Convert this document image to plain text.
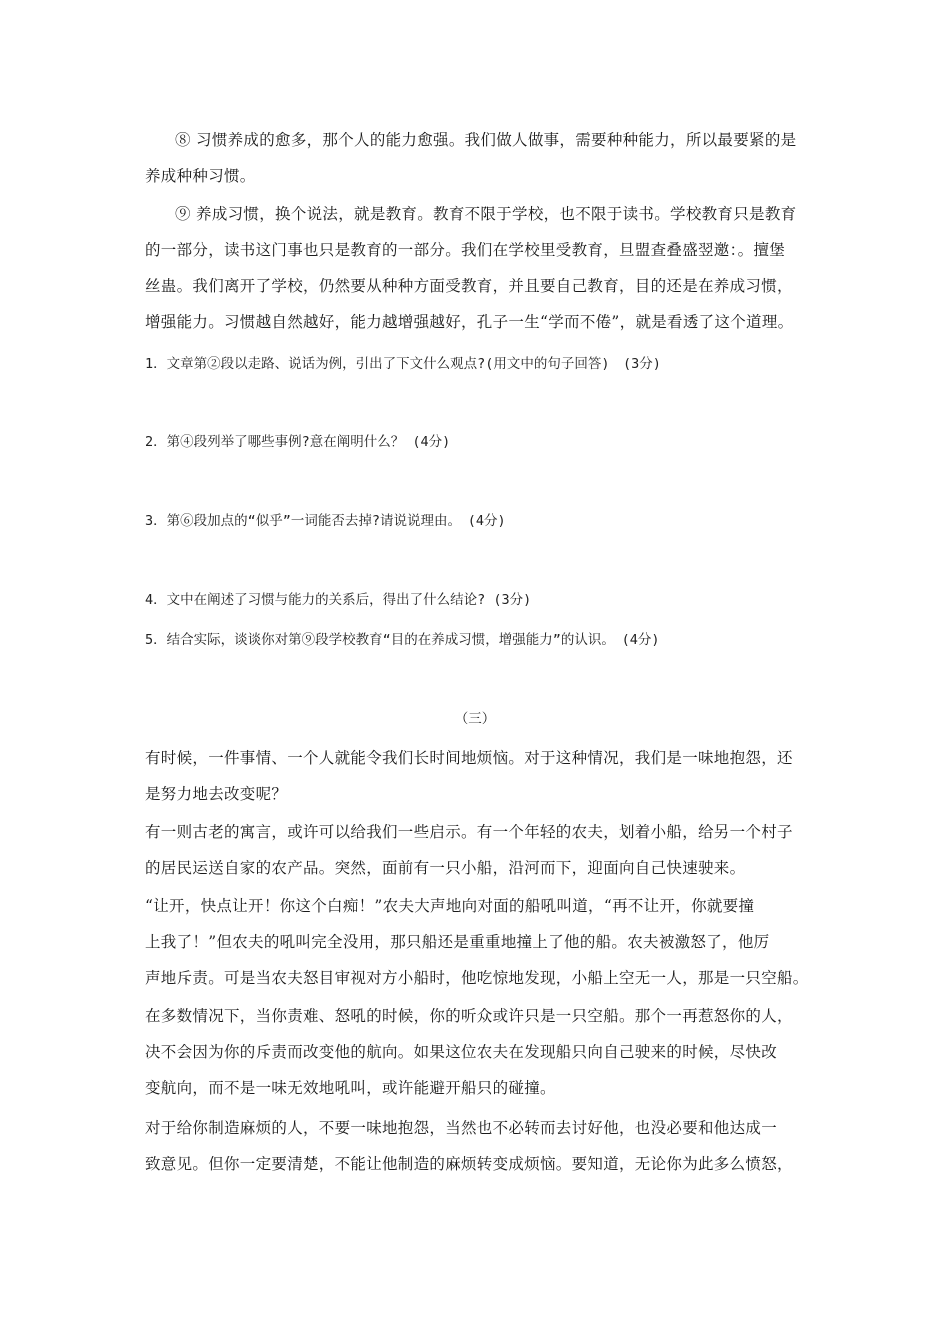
⑧ 习惯养成的愈多，那个人的能力愈强。我们做人做事，需要种种能力，所以最要紧的是
养成种种习惯。
⑨ 养成习惯，换个说法，就是教育。教育不限于学校，也不限于读书。学校教育只是教育
的一部分，读书这门事也只是教育的一部分。我们在学校里受教育，旦盟查叠盛翌邀：。擅堡
丝蛊。我们离开了学校，仍然要从种种方面受教育，并且要自己教育，目的还是在养成习惯，
增强能力。习惯越自然越好，能力越增强越好，孔子一生“学而不倦”，就是看透了这个道理。
1．文章第②段以走路、说话为例，引出了下文什么观点?(用文中的句子回答)　(3分)
2．第④段列举了哪些事例?意在阐明什么？ (4分)
3．第⑥段加点的“似乎”一词能否去掉?请说说理由。　(4分)
4．文中在阐述了习惯与能力的关系后，得出了什么结论? (3分)
5．结合实际，谈谈你对第⑨段学校教育“目的在养成习惯，增强能力”的认识。　(4分)
（三）
有时候，一件事情、一个人就能令我们长时间地烦恼。对于这种情况，我们是一味地抱怨，还
是努力地去改变呢？
有一则古老的寓言，或许可以给我们一些启示。有一个年轻的农夫，划着小船，给另一个村子
的居民运送自家的农产品。突然，面前有一只小船，沿河而下，迎面向自己快速驶来。
“让开，快点让开！你这个白痴！”农夫大声地向对面的船吼叫道，“再不让开，你就要撞
上我了！”但农夫的吼叫完全没用，那只船还是重重地撞上了他的船。农夫被激怒了，他厉
声地斥责。可是当农夫怒目审视对方小船时，他吃惊地发现，小船上空无一人，那是一只空船。
在多数情况下，当你责难、怒吼的时候，你的听众或许只是一只空船。那个一再惹怒你的人，
决不会因为你的斥责而改变他的航向。如果这位农夫在发现船只向自己驶来的时候，尽快改
变航向，而不是一味无效地吼叫，或许能避开船只的碰撞。
对于给你制造麻烦的人，不要一味地抱怨，当然也不必转而去讨好他，也没必要和他达成一
致意见。但你一定要清楚，不能让他制造的麻烦转变成烦恼。要知道，无论你为此多么愤怒，
